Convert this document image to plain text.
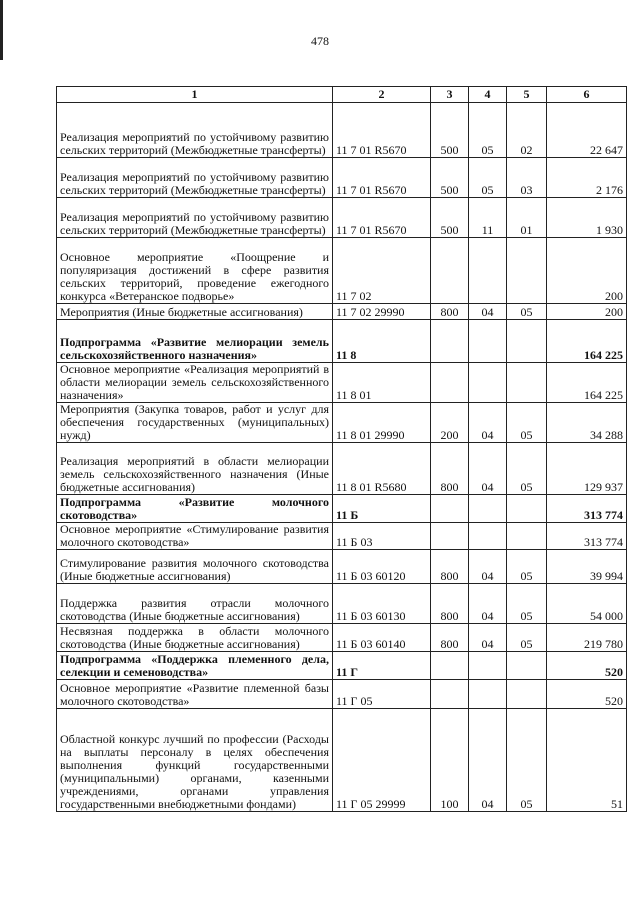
478
1	2	3	4	5	6
Реализация мероприятий по устойчивому развитию сельских территорий (Межбюджетные трансферты)	11 7 01 R5670	500	05	02	22 647
Реализация мероприятий по устойчивому развитию сельских территорий (Межбюджетные трансферты)	11 7 01 R5670	500	05	03	2 176
Реализация мероприятий по устойчивому развитию сельских территорий (Межбюджетные трансферты)	11 7 01 R5670	500	11	01	1 930
Основное мероприятие «Поощрение и популяризация достижений в сфере развития сельских территорий, проведение ежегодного конкурса «Ветеранское подворье»	11 7 02				200
Мероприятия (Иные бюджетные ассигнования)	11 7 02 29990	800	04	05	200
Подпрограмма «Развитие мелиорации земель сельскохозяйственного назначения»	11 8				164 225
Основное мероприятие «Реализация мероприятий в области мелиорации земель сельскохозяйственного назначения»	11 8 01				164 225
Мероприятия (Закупка товаров, работ и услуг для обеспечения государственных (муниципальных) нужд)	11 8 01 29990	200	04	05	34 288
Реализация мероприятий в области мелиорации земель сельскохозяйственного назначения (Иные бюджетные ассигнования)	11 8 01 R5680	800	04	05	129 937
Подпрограмма «Развитие молочного скотоводства»	11 Б				313 774
Основное мероприятие «Стимулирование развития молочного скотоводства»	11 Б 03				313 774
Стимулирование развития молочного скотоводства (Иные бюджетные ассигнования)	11 Б 03 60120	800	04	05	39 994
Поддержка развития отрасли молочного скотоводства (Иные бюджетные ассигнования)	11 Б 03 60130	800	04	05	54 000
Несвязная поддержка в области молочного скотоводства (Иные бюджетные ассигнования)	11 Б 03 60140	800	04	05	219 780
Подпрограмма «Поддержка племенного дела, селекции и семеноводства»	11 Г				520
Основное мероприятие «Развитие племенной базы молочного скотоводства»	11 Г 05				520
Областной конкурс лучший по профессии (Расходы на выплаты персоналу в целях обеспечения выполнения функций государственными (муниципальными) органами, казенными учреждениями, органами управления государственными внебюджетными фондами)	11 Г 05 29999	100	04	05	51
